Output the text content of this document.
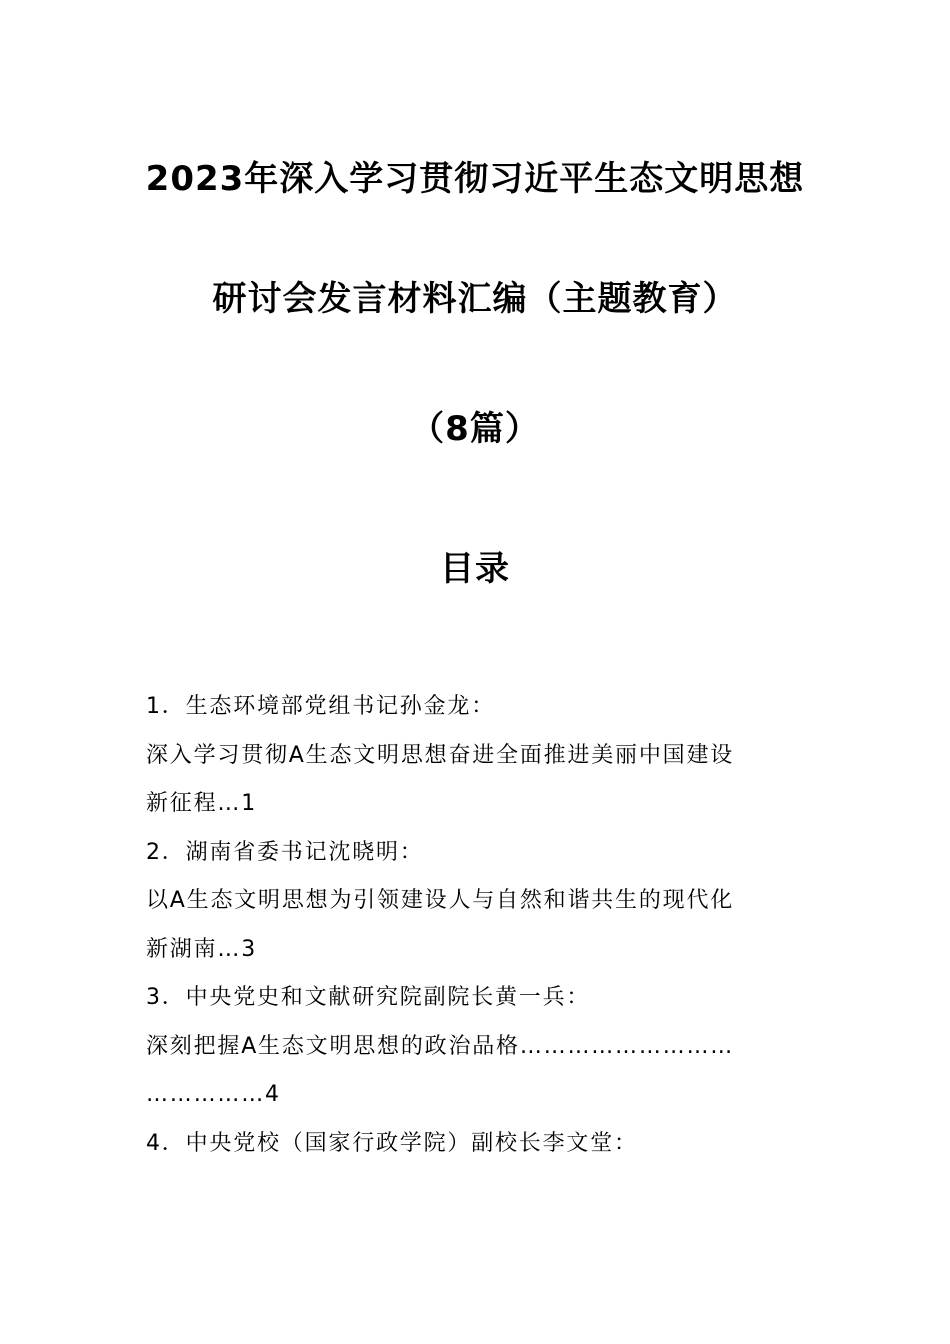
2023年深入学习贯彻习近平生态文明思想
研讨会发言材料汇编（主题教育）
（8篇）
目录
1．生态环境部党组书记孙金龙：
深入学习贯彻A生态文明思想奋进全面推进美丽中国建设
新征程…1
2．湖南省委书记沈晓明：
以A生态文明思想为引领建设人与自然和谐共生的现代化
新湖南…3
3．中央党史和文献研究院副院长黄一兵：
深刻把握A生态文明思想的政治品格………………………
……………4
4．中央党校（国家行政学院）副校长李文堂：
